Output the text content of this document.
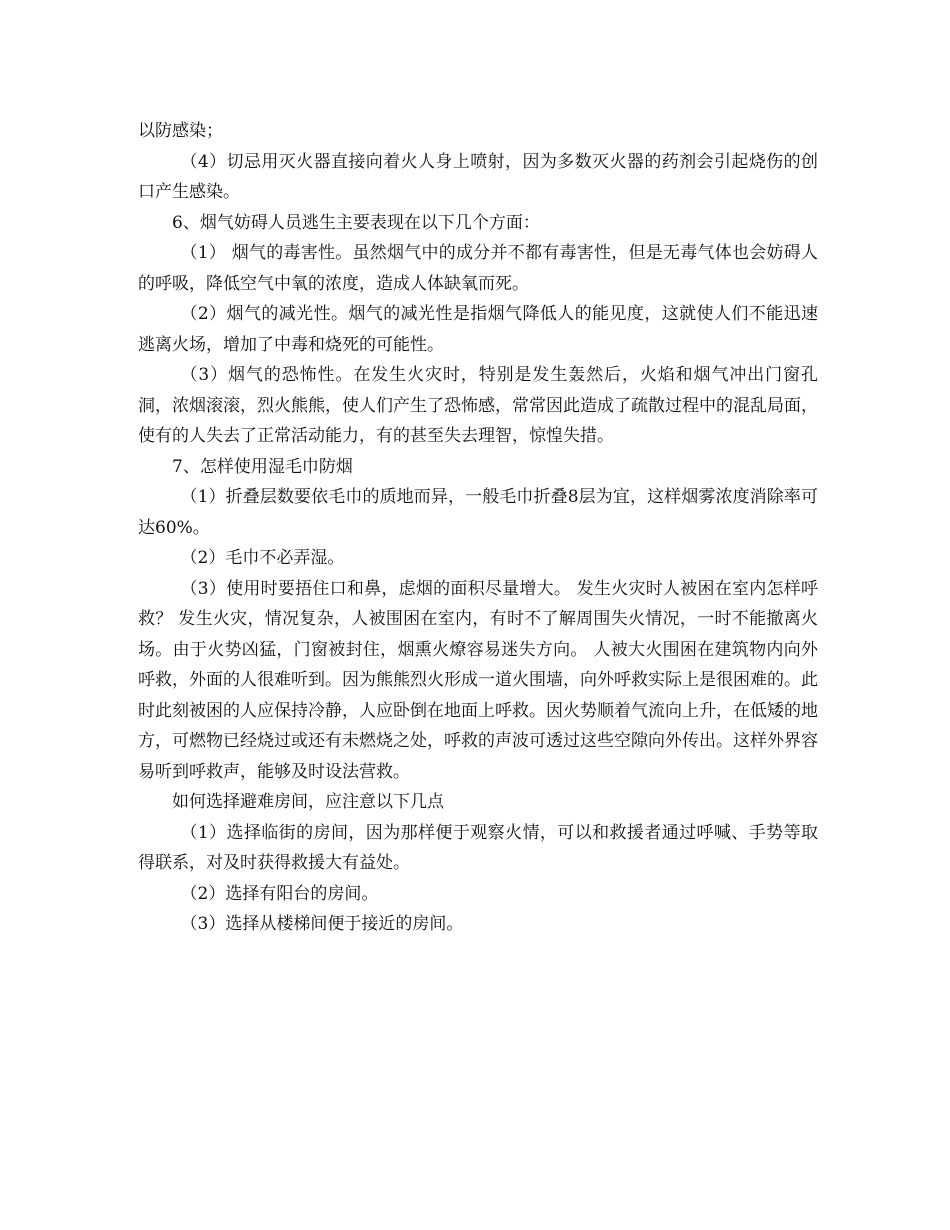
以防感染；

（4）切忌用灭火器直接向着火人身上喷射，因为多数灭火器的药剂会引起烧伤的创口产生感染。

6、烟气妨碍人员逃生主要表现在以下几个方面：

（1） 烟气的毒害性。虽然烟气中的成分并不都有毒害性，但是无毒气体也会妨碍人的呼吸，降低空气中氧的浓度，造成人体缺氧而死。

（2）烟气的减光性。烟气的减光性是指烟气降低人的能见度，这就使人们不能迅速逃离火场，增加了中毒和烧死的可能性。

（3）烟气的恐怖性。在发生火灾时，特别是发生轰然后，火焰和烟气冲出门窗孔洞，浓烟滚滚，烈火熊熊，使人们产生了恐怖感，常常因此造成了疏散过程中的混乱局面，使有的人失去了正常活动能力，有的甚至失去理智，惊惶失措。

7、怎样使用湿毛巾防烟

（1）折叠层数要依毛巾的质地而异，一般毛巾折叠8层为宜，这样烟雾浓度消除率可达60%。

（2）毛巾不必弄湿。

（3）使用时要捂住口和鼻，虑烟的面积尽量增大。 发生火灾时人被困在室内怎样呼救？ 发生火灾，情况复杂，人被围困在室内，有时不了解周围失火情况，一时不能撤离火场。由于火势凶猛，门窗被封住，烟熏火燎容易迷失方向。 人被大火围困在建筑物内向外呼救，外面的人很难听到。因为熊熊烈火形成一道火围墙，向外呼救实际上是很困难的。此时此刻被困的人应保持冷静，人应卧倒在地面上呼救。因火势顺着气流向上升，在低矮的地方，可燃物已经烧过或还有未燃烧之处，呼救的声波可透过这些空隙向外传出。这样外界容易听到呼救声，能够及时设法营救。

如何选择避难房间，应注意以下几点

（1）选择临街的房间，因为那样便于观察火情，可以和救援者通过呼喊、手势等取得联系，对及时获得救援大有益处。

（2）选择有阳台的房间。

（3）选择从楼梯间便于接近的房间。
